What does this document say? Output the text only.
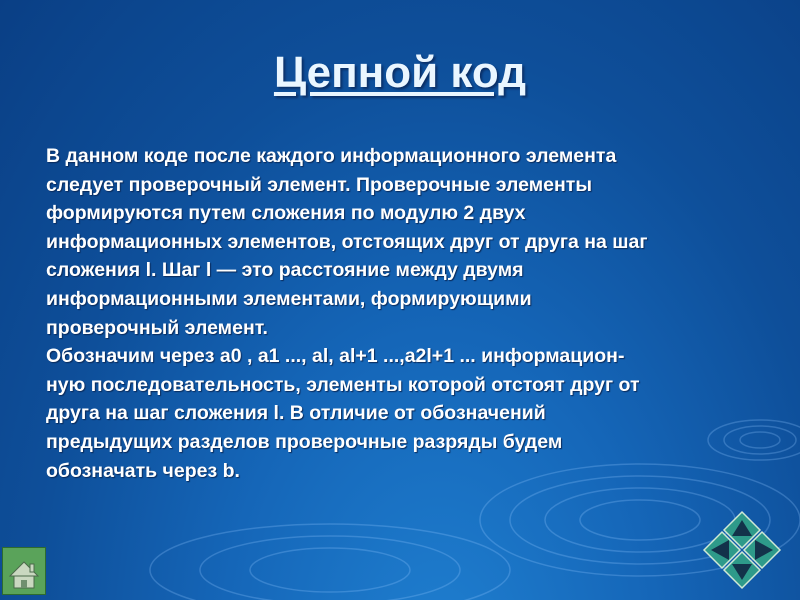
Цепной код

В данном коде после каждого информационного элемента
следует проверочный элемент. Проверочные элементы
формируются путем сложения по модулю 2 двух
информационных элементов, отстоящих друг от друга на шаг
сложения l. Шаг l — это расстояние между двумя
информационными элементами, формирующими
проверочный элемент.

Обозначим через a0 , a1 ..., al, al+1 ...,a2l+1 ... информацион-
ную последовательность, элементы которой отстоят друг от
друга на шаг сложения l. В отличие от обозначений
предыдущих разделов проверочные разряды будем
обозначать через b.
